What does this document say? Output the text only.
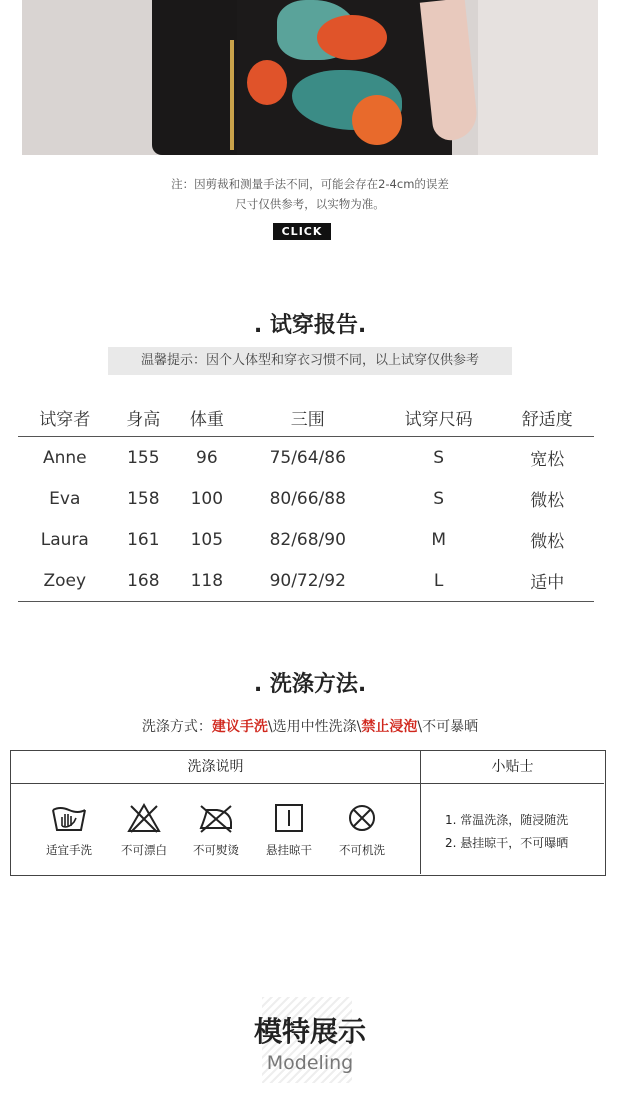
注：因剪裁和测量手法不同，可能会存在2-4cm的误差
尺寸仅供参考，以实物为准。
CLICK
. 试穿报告.
温馨提示：因个人体型和穿衣习惯不同，以上试穿仅供参考
试穿者	身高	体重	三围	试穿尺码	舒适度
Anne	155	96	75/64/86	S	宽松
Eva	158	100	80/66/88	S	微松
Laura	161	105	82/68/90	M	微松
Zoey	168	118	90/72/92	L	适中
. 洗涤方法.
洗涤方式：建议手洗\选用中性洗涤\禁止浸泡\不可暴晒
洗涤说明	小贴士
适宜手洗	不可漂白	不可熨烫	悬挂晾干	不可机洗
1. 常温洗涤，随浸随洗
2. 悬挂晾干，不可曝晒
模特展示
Modeling
